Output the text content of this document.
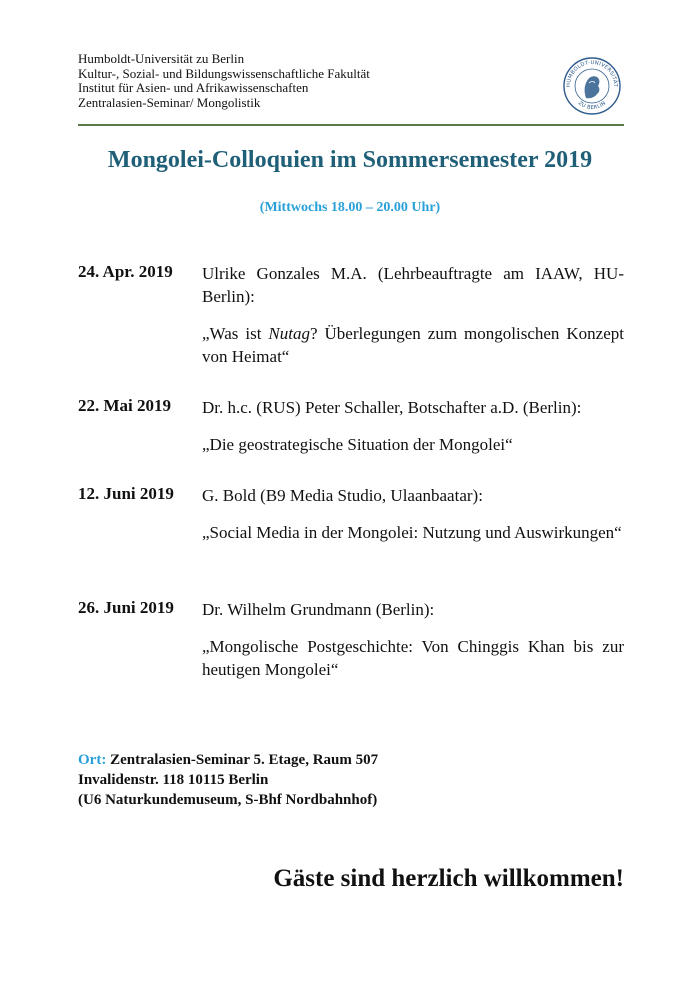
Humboldt-Universität zu Berlin
Kultur-, Sozial- und Bildungswissenschaftliche Fakultät
Institut für Asien- und Afrikawissenschaften
Zentralasien-Seminar/ Mongolistik
HUMBOLDT-UNIVERSITÄT
ZU BERLIN
Mongolei-Colloquien im Sommersemester 2019
(Mittwochs 18.00 – 20.00 Uhr)
24. Apr. 2019 Ulrike Gonzales M.A. (Lehrbeauftragte am IAAW, HU-Berlin):
„Was ist Nutag? Überlegungen zum mongolischen Konzept von Heimat“
22. Mai 2019 Dr. h.c. (RUS) Peter Schaller, Botschafter a.D. (Berlin):
„Die geostrategische Situation der Mongolei“
12. Juni 2019 G. Bold (B9 Media Studio, Ulaanbaatar):
„Social Media in der Mongolei: Nutzung und Auswirkungen“
26. Juni 2019 Dr. Wilhelm Grundmann (Berlin):
„Mongolische Postgeschichte: Von Chinggis Khan bis zur heutigen Mongolei“
Ort: Zentralasien-Seminar 5. Etage, Raum 507
Invalidenstr. 118 10115 Berlin
(U6 Naturkundemuseum, S-Bhf Nordbahnhof)
Gäste sind herzlich willkommen!
